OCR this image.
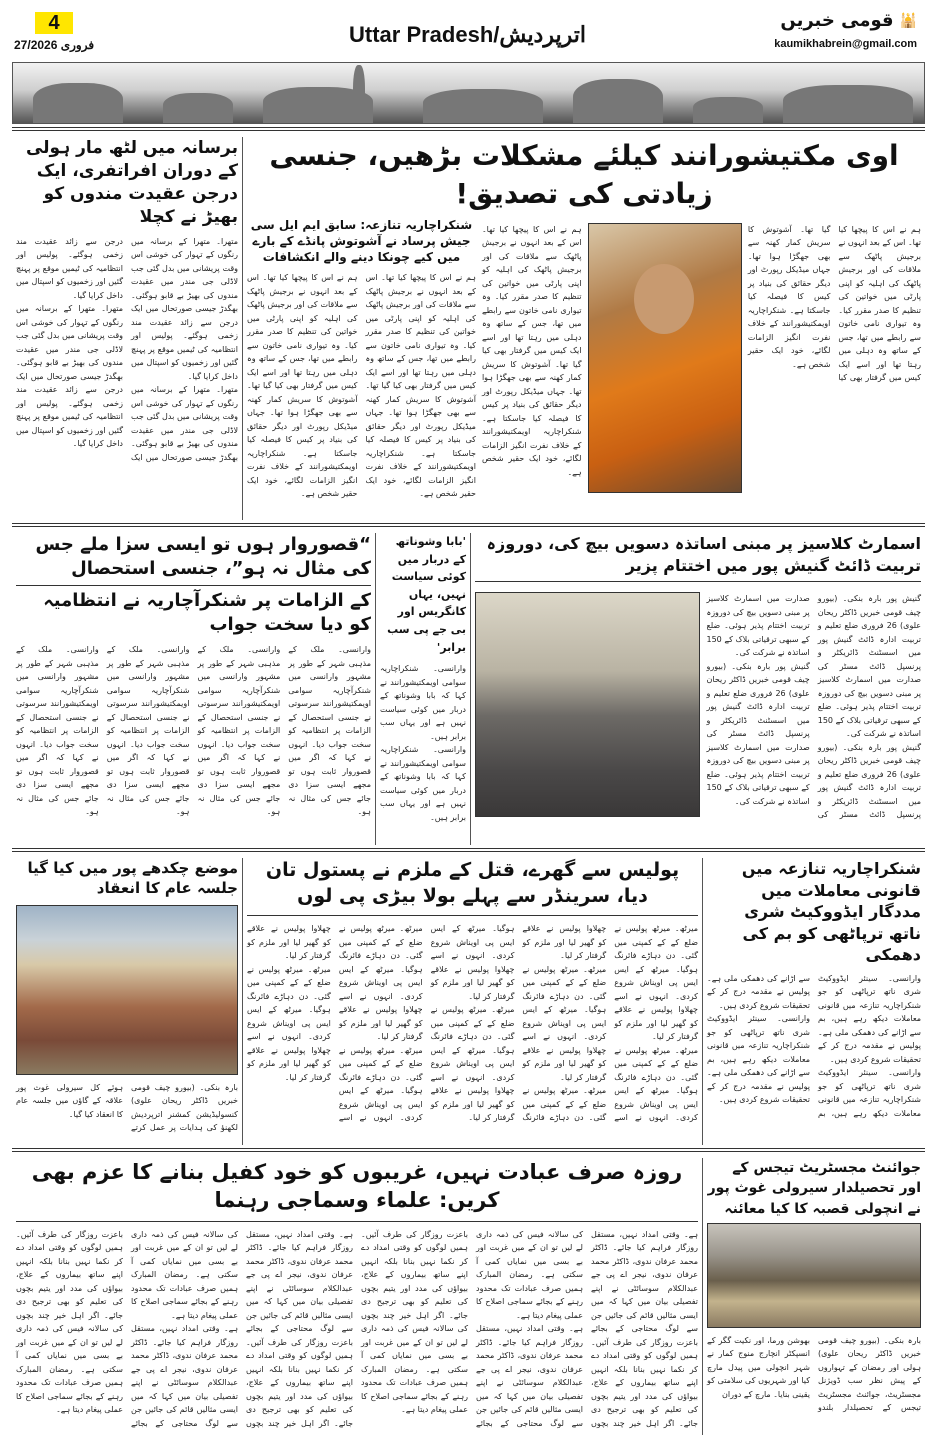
4
27/فروری 2026	Uttar Pradesh/اترپردیش
قومی خبریں 🕌
kaumikhabrein@gmail.com
برسانہ میں لٹھ مار ہولی کے دوران افراتفری، ایک درجن عقیدت مندوں کو بھیڑ نے کچلا

متھرا۔ متھرا کے برسانہ میں رنگوں کے تہوار کی خوشی اس وقت پریشانی میں بدل گئی جب لاڈلی جی مندر میں عقیدت مندوں کی بھیڑ بے قابو ہوگئی۔ بھگدڑ جیسی صورتحال میں ایک درجن سے زائد عقیدت مند زخمی ہوگئے۔ پولیس اور انتظامیہ کی ٹیمیں موقع پر پہنچ گئیں اور زخمیوں کو اسپتال میں داخل کرایا گیا۔

متھرا۔ متھرا کے برسانہ میں رنگوں کے تہوار کی خوشی اس وقت پریشانی میں بدل گئی جب لاڈلی جی مندر میں عقیدت مندوں کی بھیڑ بے قابو ہوگئی۔ بھگدڑ جیسی صورتحال میں ایک درجن سے زائد عقیدت مند زخمی ہوگئے۔ پولیس اور انتظامیہ کی ٹیمیں موقع پر پہنچ گئیں اور زخمیوں کو اسپتال میں داخل کرایا گیا۔

متھرا۔ متھرا کے برسانہ میں رنگوں کے تہوار کی خوشی اس وقت پریشانی میں بدل گئی جب لاڈلی جی مندر میں عقیدت مندوں کی بھیڑ بے قابو ہوگئی۔ بھگدڑ جیسی صورتحال میں ایک درجن سے زائد عقیدت مند زخمی ہوگئے۔ پولیس اور انتظامیہ کی ٹیمیں موقع پر پہنچ گئیں اور زخمیوں کو اسپتال میں داخل کرایا گیا۔

اوی مکتیشورانند کیلئے مشکلات بڑھیں، جنسی زیادتی کی تصدیق!
شنکراچاریہ تنازعہ: سابق ایم ایل سی جیش پرساد نے آشوتوش پانڈے کے بارے میں کیے چونکا دینے والے انکشافات

ہم نے اس کا پیچھا کیا تھا۔ اس کے بعد انہوں نے برجیش پاٹھک سے ملاقات کی اور برجیش پاٹھک کی اہلیہ کو اپنی پارٹی میں خواتین کی تنظیم کا صدر مقرر کیا۔ وہ تیواری نامی خاتون سے رابطے میں تھا، جس کے ساتھ وہ دہلی میں رہتا تھا اور اسے ایک کیس میں گرفتار بھی کیا گیا تھا۔ آشوتوش کا سریش کمار کھنہ سے بھی جھگڑا ہوا تھا۔ جہاں میڈیکل رپورٹ اور دیگر حقائق کی بنیاد پر کیس کا فیصلہ کیا جاسکتا ہے۔ شنکراچاریہ اویمکتیشورانند کے خلاف نفرت انگیز الزامات لگائے، خود ایک حقیر شخص ہے۔

ہم نے اس کا پیچھا کیا تھا۔ اس کے بعد انہوں نے برجیش پاٹھک سے ملاقات کی اور برجیش پاٹھک کی اہلیہ کو اپنی پارٹی میں خواتین کی تنظیم کا صدر مقرر کیا۔ وہ تیواری نامی خاتون سے رابطے میں تھا، جس کے ساتھ وہ دہلی میں رہتا تھا اور اسے ایک کیس میں گرفتار بھی کیا گیا تھا۔ آشوتوش کا سریش کمار کھنہ سے بھی جھگڑا ہوا تھا۔ جہاں میڈیکل رپورٹ اور دیگر حقائق کی بنیاد پر کیس کا فیصلہ کیا جاسکتا ہے۔ شنکراچاریہ اویمکتیشورانند کے خلاف نفرت انگیز الزامات لگائے، خود ایک حقیر شخص ہے۔

ہم نے اس کا پیچھا کیا تھا۔ اس کے بعد انہوں نے برجیش پاٹھک سے ملاقات کی اور برجیش پاٹھک کی اہلیہ کو اپنی پارٹی میں خواتین کی تنظیم کا صدر مقرر کیا۔ وہ تیواری نامی خاتون سے رابطے میں تھا، جس کے ساتھ وہ دہلی میں رہتا تھا اور اسے ایک کیس میں گرفتار بھی کیا گیا تھا۔ آشوتوش کا سریش کمار کھنہ سے بھی جھگڑا ہوا تھا۔ جہاں میڈیکل رپورٹ اور دیگر حقائق کی بنیاد پر کیس کا فیصلہ کیا جاسکتا ہے۔ شنکراچاریہ اویمکتیشورانند کے خلاف نفرت انگیز الزامات لگائے، خود ایک حقیر شخص ہے۔

ہم نے اس کا پیچھا کیا تھا۔ اس کے بعد انہوں نے برجیش پاٹھک سے ملاقات کی اور برجیش پاٹھک کی اہلیہ کو اپنی پارٹی میں خواتین کی تنظیم کا صدر مقرر کیا۔ وہ تیواری نامی خاتون سے رابطے میں تھا، جس کے ساتھ وہ دہلی میں رہتا تھا اور اسے ایک کیس میں گرفتار بھی کیا گیا تھا۔ آشوتوش کا سریش کمار کھنہ سے بھی جھگڑا ہوا تھا۔ جہاں میڈیکل رپورٹ اور دیگر حقائق کی بنیاد پر کیس کا فیصلہ کیا جاسکتا ہے۔ شنکراچاریہ اویمکتیشورانند کے خلاف نفرت انگیز الزامات لگائے، خود ایک حقیر شخص ہے۔

“قصوروار ہوں تو ایسی سزا ملے جس کی مثال نہ ہو”، جنسی استحصال
کے الزامات پر شنکرآچاریہ نے انتظامیہ کو دیا سخت جواب

وارانسی۔ ملک کے مذہبی شہر کے طور پر مشہور وارانسی میں شنکرآچاریہ سوامی اویمکتیشورانند سرسوتی نے جنسی استحصال کے الزامات پر انتظامیہ کو سخت جواب دیا۔ انہوں نے کہا کہ اگر میں قصوروار ثابت ہوں تو مجھے ایسی سزا دی جائے جس کی مثال نہ ہو۔

وارانسی۔ ملک کے مذہبی شہر کے طور پر مشہور وارانسی میں شنکرآچاریہ سوامی اویمکتیشورانند سرسوتی نے جنسی استحصال کے الزامات پر انتظامیہ کو سخت جواب دیا۔ انہوں نے کہا کہ اگر میں قصوروار ثابت ہوں تو مجھے ایسی سزا دی جائے جس کی مثال نہ ہو۔

وارانسی۔ ملک کے مذہبی شہر کے طور پر مشہور وارانسی میں شنکرآچاریہ سوامی اویمکتیشورانند سرسوتی نے جنسی استحصال کے الزامات پر انتظامیہ کو سخت جواب دیا۔ انہوں نے کہا کہ اگر میں قصوروار ثابت ہوں تو مجھے ایسی سزا دی جائے جس کی مثال نہ ہو۔

وارانسی۔ ملک کے مذہبی شہر کے طور پر مشہور وارانسی میں شنکرآچاریہ سوامی اویمکتیشورانند سرسوتی نے جنسی استحصال کے الزامات پر انتظامیہ کو سخت جواب دیا۔ انہوں نے کہا کہ اگر میں قصوروار ثابت ہوں تو مجھے ایسی سزا دی جائے جس کی مثال نہ ہو۔

'بابا وشوناتھ کے دربار میں کوئی سیاست نہیں، یہاں کانگریس اور بی جے پی سب برابر'

وارانسی۔ شنکراچاریہ سوامی اویمکتیشورانند نے کہا کہ بابا وشوناتھ کے دربار میں کوئی سیاست نہیں ہے اور یہاں سب برابر ہیں۔

وارانسی۔ شنکراچاریہ سوامی اویمکتیشورانند نے کہا کہ بابا وشوناتھ کے دربار میں کوئی سیاست نہیں ہے اور یہاں سب برابر ہیں۔

اسمارٹ کلاسیز پر مبنی اساتذہ دسویں بیچ کی، دوروزہ تربیت ڈائٹ گنیش پور میں اختتام پزیر

گنیش پور بارہ بنکی۔ (بیورو چیف قومی خبریں ڈاکٹر ریحان علوی) 26 فروری ضلع تعلیم و تربیت ادارہ ڈائٹ گنیش پور میں اسسٹنٹ ڈائریکٹر و پرنسپل ڈائٹ مسٹر کی صدارت میں اسمارٹ کلاسیز پر مبنی دسویں بیچ کی دوروزہ تربیت اختتام پذیر ہوئی۔ ضلع کے سبھی ترقیاتی بلاک کے 150 اساتذہ نے شرکت کی۔

گنیش پور بارہ بنکی۔ (بیورو چیف قومی خبریں ڈاکٹر ریحان علوی) 26 فروری ضلع تعلیم و تربیت ادارہ ڈائٹ گنیش پور میں اسسٹنٹ ڈائریکٹر و پرنسپل ڈائٹ مسٹر کی صدارت میں اسمارٹ کلاسیز پر مبنی دسویں بیچ کی دوروزہ تربیت اختتام پذیر ہوئی۔ ضلع کے سبھی ترقیاتی بلاک کے 150 اساتذہ نے شرکت کی۔

گنیش پور بارہ بنکی۔ (بیورو چیف قومی خبریں ڈاکٹر ریحان علوی) 26 فروری ضلع تعلیم و تربیت ادارہ ڈائٹ گنیش پور میں اسسٹنٹ ڈائریکٹر و پرنسپل ڈائٹ مسٹر کی صدارت میں اسمارٹ کلاسیز پر مبنی دسویں بیچ کی دوروزہ تربیت اختتام پذیر ہوئی۔ ضلع کے سبھی ترقیاتی بلاک کے 150 اساتذہ نے شرکت کی۔

موضع چکدھے پور میں کیا گیا جلسہ عام کا انعقاد

بارہ بنکی۔ (بیورو چیف قومی خبریں ڈاکٹر ریحان علوی) کنسولیڈیشن کمشنر اترپردیش لکھنؤ کی ہدایات پر عمل کرتے ہوئے کل سیرولی غوث پور علاقہ کے گاؤں میں جلسہ عام کا انعقاد کیا گیا۔

پولیس سے گھرے، قتل کے ملزم نے پستول تان دیا، سرینڈر سے پہلے بولا بیڑی پی لوں

میرٹھ۔ میرٹھ پولیس نے ضلع کے کے کمپنی میں گئی۔ دن دہاڑے فائرنگ ہوگیا۔ میرٹھ کے ایس ایس پی اویناش شروع کردی۔ انہوں نے اسے چھلاوا پولیس نے علاقے کو گھیر لیا اور ملزم کو گرفتار کر لیا۔

میرٹھ۔ میرٹھ پولیس نے ضلع کے کے کمپنی میں گئی۔ دن دہاڑے فائرنگ ہوگیا۔ میرٹھ کے ایس ایس پی اویناش شروع کردی۔ انہوں نے اسے چھلاوا پولیس نے علاقے کو گھیر لیا اور ملزم کو گرفتار کر لیا۔

میرٹھ۔ میرٹھ پولیس نے ضلع کے کے کمپنی میں گئی۔ دن دہاڑے فائرنگ ہوگیا۔ میرٹھ کے ایس ایس پی اویناش شروع کردی۔ انہوں نے اسے چھلاوا پولیس نے علاقے کو گھیر لیا اور ملزم کو گرفتار کر لیا۔

میرٹھ۔ میرٹھ پولیس نے ضلع کے کے کمپنی میں گئی۔ دن دہاڑے فائرنگ ہوگیا۔ میرٹھ کے ایس ایس پی اویناش شروع کردی۔ انہوں نے اسے چھلاوا پولیس نے علاقے کو گھیر لیا اور ملزم کو گرفتار کر لیا۔

میرٹھ۔ میرٹھ پولیس نے ضلع کے کے کمپنی میں گئی۔ دن دہاڑے فائرنگ ہوگیا۔ میرٹھ کے ایس ایس پی اویناش شروع کردی۔ انہوں نے اسے چھلاوا پولیس نے علاقے کو گھیر لیا اور ملزم کو گرفتار کر لیا۔

میرٹھ۔ میرٹھ پولیس نے ضلع کے کے کمپنی میں گئی۔ دن دہاڑے فائرنگ ہوگیا۔ میرٹھ کے ایس ایس پی اویناش شروع کردی۔ انہوں نے اسے چھلاوا پولیس نے علاقے کو گھیر لیا اور ملزم کو گرفتار کر لیا۔

میرٹھ۔ میرٹھ پولیس نے ضلع کے کے کمپنی میں گئی۔ دن دہاڑے فائرنگ ہوگیا۔ میرٹھ کے ایس ایس پی اویناش شروع کردی۔ انہوں نے اسے چھلاوا پولیس نے علاقے کو گھیر لیا اور ملزم کو گرفتار کر لیا۔

میرٹھ۔ میرٹھ پولیس نے ضلع کے کے کمپنی میں گئی۔ دن دہاڑے فائرنگ ہوگیا۔ میرٹھ کے ایس ایس پی اویناش شروع کردی۔ انہوں نے اسے چھلاوا پولیس نے علاقے کو گھیر لیا اور ملزم کو گرفتار کر لیا۔

شنکراچاریہ تنازعہ میں قانونی معاملات میں مددگار ایڈووکیٹ شری ناتھ ترپاٹھی کو بم کی دھمکی

وارانسی۔ سینئر ایڈووکیٹ شری ناتھ ترپاٹھی کو جو شنکراچاریہ تنازعہ میں قانونی معاملات دیکھ رہے ہیں، بم سے اڑانے کی دھمکی ملی ہے۔ پولیس نے مقدمہ درج کر کے تحقیقات شروع کردی ہیں۔

وارانسی۔ سینئر ایڈووکیٹ شری ناتھ ترپاٹھی کو جو شنکراچاریہ تنازعہ میں قانونی معاملات دیکھ رہے ہیں، بم سے اڑانے کی دھمکی ملی ہے۔ پولیس نے مقدمہ درج کر کے تحقیقات شروع کردی ہیں۔

وارانسی۔ سینئر ایڈووکیٹ شری ناتھ ترپاٹھی کو جو شنکراچاریہ تنازعہ میں قانونی معاملات دیکھ رہے ہیں، بم سے اڑانے کی دھمکی ملی ہے۔ پولیس نے مقدمہ درج کر کے تحقیقات شروع کردی ہیں۔

روزہ صرف عبادت نہیں، غریبوں کو خود کفیل بنانے کا عزم بھی کریں: علماء وسماجی رہنما

ہے۔ وقتی امداد نہیں، مستقل روزگار فراہم کیا جائے۔ ڈاکٹر محمد عرفان ندوی، ڈاکٹر محمد عرفان ندوی، نیجر اے پی جے عبدالکلام سوسائٹی نے اپنے تفصیلی بیان میں کہا کہ میں ایسی مثالیں قائم کی جائیں جن سے لوگ محتاجی کے بجائے باعزت روزگار کی طرف آئیں۔ ہمیں لوگوں کو وقتی امداد دے کر نکما نہیں بنانا بلکہ انہیں اپنے ساتھ بیماروں کے علاج، بیواؤں کی مدد اور یتیم بچوں کی تعلیم کو بھی ترجیح دی جائے۔ اگر اہل خیر چند بچوں کی سالانہ فیس کی ذمہ داری لے لیں تو ان کے میں غربت اور بے بسی میں نمایاں کمی آ سکتی ہے۔ رمضان المبارک ہمیں صرف عبادات تک محدود رہنے کے بجائے سماجی اصلاح کا عملی پیغام دیتا ہے۔

ہے۔ وقتی امداد نہیں، مستقل روزگار فراہم کیا جائے۔ ڈاکٹر محمد عرفان ندوی، ڈاکٹر محمد عرفان ندوی، نیجر اے پی جے عبدالکلام سوسائٹی نے اپنے تفصیلی بیان میں کہا کہ میں ایسی مثالیں قائم کی جائیں جن سے لوگ محتاجی کے بجائے باعزت روزگار کی طرف آئیں۔ ہمیں لوگوں کو وقتی امداد دے کر نکما نہیں بنانا بلکہ انہیں اپنے ساتھ بیماروں کے علاج، بیواؤں کی مدد اور یتیم بچوں کی تعلیم کو بھی ترجیح دی جائے۔ اگر اہل خیر چند بچوں کی سالانہ فیس کی ذمہ داری لے لیں تو ان کے میں غربت اور بے بسی میں نمایاں کمی آ سکتی ہے۔ رمضان المبارک ہمیں صرف عبادات تک محدود رہنے کے بجائے سماجی اصلاح کا عملی پیغام دیتا ہے۔

ہے۔ وقتی امداد نہیں، مستقل روزگار فراہم کیا جائے۔ ڈاکٹر محمد عرفان ندوی، ڈاکٹر محمد عرفان ندوی، نیجر اے پی جے عبدالکلام سوسائٹی نے اپنے تفصیلی بیان میں کہا کہ میں ایسی مثالیں قائم کی جائیں جن سے لوگ محتاجی کے بجائے باعزت روزگار کی طرف آئیں۔ ہمیں لوگوں کو وقتی امداد دے کر نکما نہیں بنانا بلکہ انہیں اپنے ساتھ بیماروں کے علاج، بیواؤں کی مدد اور یتیم بچوں کی تعلیم کو بھی ترجیح دی جائے۔ اگر اہل خیر چند بچوں کی سالانہ فیس کی ذمہ داری لے لیں تو ان کے میں غربت اور بے بسی میں نمایاں کمی آ سکتی ہے۔ رمضان المبارک ہمیں صرف عبادات تک محدود رہنے کے بجائے سماجی اصلاح کا عملی پیغام دیتا ہے۔

ہے۔ وقتی امداد نہیں، مستقل روزگار فراہم کیا جائے۔ ڈاکٹر محمد عرفان ندوی، ڈاکٹر محمد عرفان ندوی، نیجر اے پی جے عبدالکلام سوسائٹی نے اپنے تفصیلی بیان میں کہا کہ میں ایسی مثالیں قائم کی جائیں جن سے لوگ محتاجی کے بجائے باعزت روزگار کی طرف آئیں۔ ہمیں لوگوں کو وقتی امداد دے کر نکما نہیں بنانا بلکہ انہیں اپنے ساتھ بیماروں کے علاج، بیواؤں کی مدد اور یتیم بچوں کی تعلیم کو بھی ترجیح دی جائے۔ اگر اہل خیر چند بچوں کی سالانہ فیس کی ذمہ داری لے لیں تو ان کے میں غربت اور بے بسی میں نمایاں کمی آ سکتی ہے۔ رمضان المبارک ہمیں صرف عبادات تک محدود رہنے کے بجائے سماجی اصلاح کا عملی پیغام دیتا ہے۔

جوائنٹ مجسٹریٹ تیجس کے اور تحصیلدار سیرولی غوث پور نے انچولی قصبہ کا کیا معائنہ

بارہ بنکی۔ (بیورو چیف قومی خبریں ڈاکٹر ریحان علوی) ہولی اور رمضان کے تہواروں کے پیش نظر سب ڈویژنل مجسٹریٹ، جوائنٹ مجسٹریٹ تیجس کے تحصیلدار بلندو بھوشن ورما، اور نکیت گگر کے انسپکٹر انچارج منوج کمار نے شہر انچولی میں پیدل مارچ کیا اور شہریوں کی سلامتی کو یقینی بنایا۔ مارچ کے دوران
